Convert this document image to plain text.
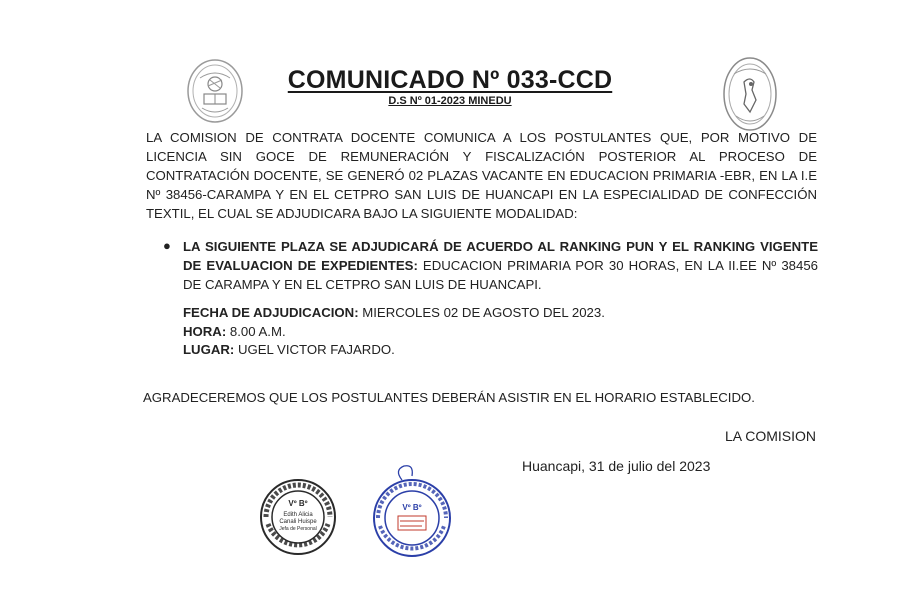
COMUNICADO Nº 033-CCD
D.S Nº 01-2023 MINEDU
LA COMISION DE CONTRATA DOCENTE COMUNICA A LOS POSTULANTES QUE, POR MOTIVO DE LICENCIA SIN GOCE DE REMUNERACIÓN Y FISCALIZACIÓN POSTERIOR AL PROCESO DE CONTRATACIÓN DOCENTE, SE GENERÓ 02 PLAZAS VACANTE EN EDUCACION PRIMARIA -EBR, EN LA I.E Nº 38456-CARAMPA Y EN EL CETPRO SAN LUIS DE HUANCAPI EN LA ESPECIALIDAD DE CONFECCIÓN TEXTIL, EL CUAL SE ADJUDICARA BAJO LA SIGUIENTE MODALIDAD:
● LA SIGUIENTE PLAZA SE ADJUDICARÁ DE ACUERDO AL RANKING PUN Y EL RANKING VIGENTE DE EVALUACION DE EXPEDIENTES: EDUCACION PRIMARIA POR 30 HORAS, EN LA II.EE Nº 38456 DE CARAMPA Y EN EL CETPRO SAN LUIS DE HUANCAPI.
FECHA DE ADJUDICACION: MIERCOLES 02 DE AGOSTO DEL 2023.
HORA: 8.00 A.M.
LUGAR: UGEL VICTOR FAJARDO.
AGRADECEREMOS QUE LOS POSTULANTES DEBERÁN ASISTIR EN EL HORARIO ESTABLECIDO.
LA COMISION
Huancapi, 31 de julio del 2023
Vº Bº
Edith Alicia
Canali Huispe
Jefa de Personal
Vº Bº
